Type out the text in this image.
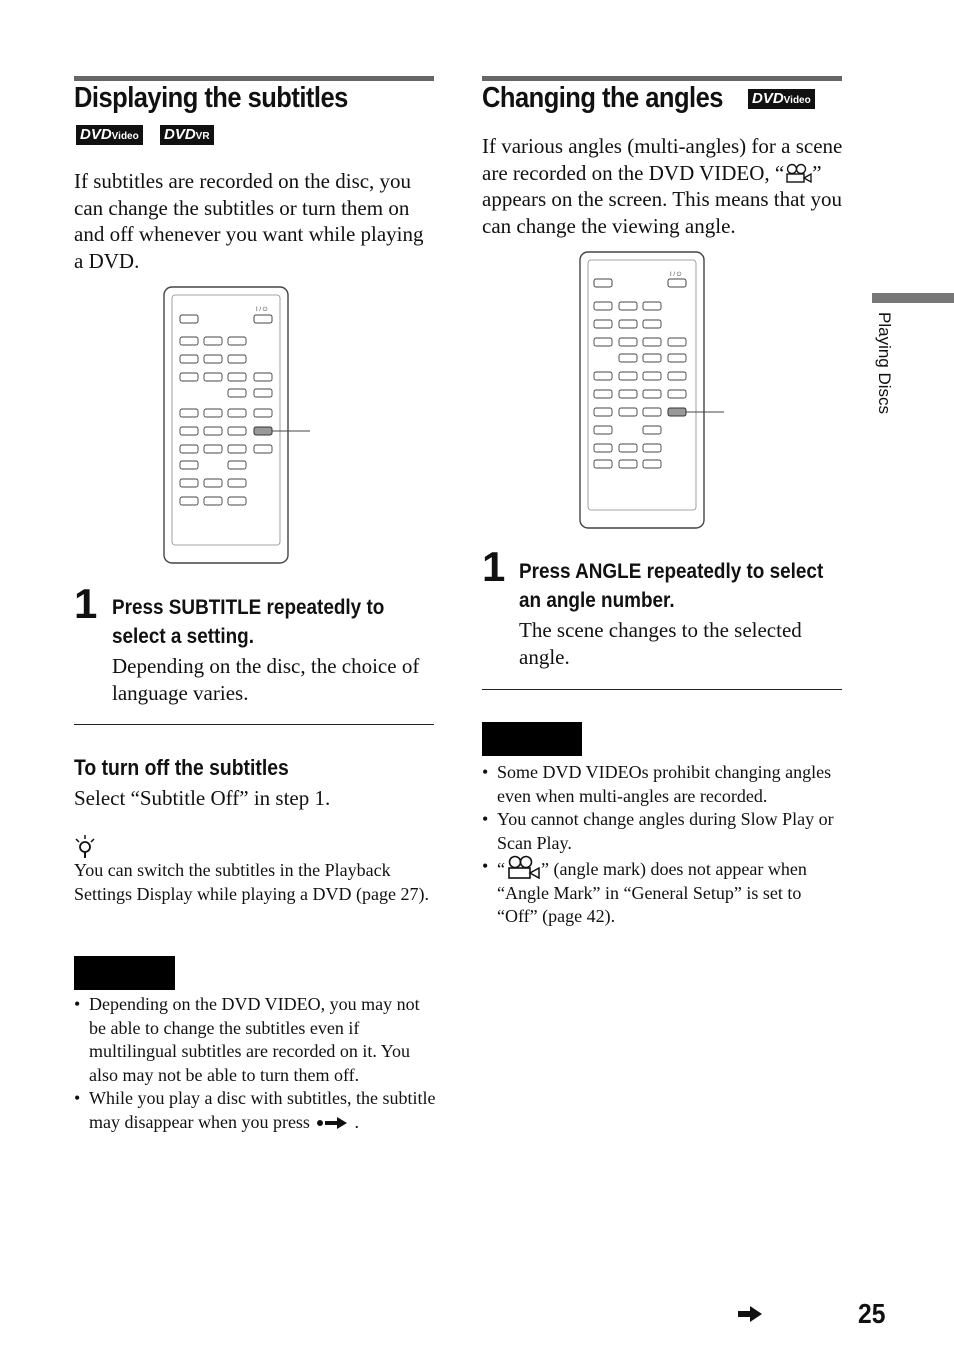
Displaying the subtitles
DVDVideo DVDVR
If subtitles are recorded on the disc, you can change the subtitles or turn them on and off whenever you want while playing a DVD.
I / ⏻
1 Press SUBTITLE repeatedly to select a setting.
Depending on the disc, the choice of language varies.
To turn off the subtitles
Select “Subtitle Off” in step 1.
You can switch the subtitles in the Playback Settings Display while playing a DVD (page 27).
• Depending on the DVD VIDEO, you may not be able to change the subtitles even if multilingual subtitles are recorded on it. You also may not be able to turn them off.
• While you play a disc with subtitles, the subtitle may disappear when you press .
Changing the angles DVDVideo
If various angles (multi-angles) for a scene are recorded on the DVD VIDEO, “ ” appears on the screen. This means that you can change the viewing angle.
I / ⏻
1 Press ANGLE repeatedly to select an angle number.
The scene changes to the selected angle.
• Some DVD VIDEOs prohibit changing angles even when multi-angles are recorded.
• You cannot change angles during Slow Play or Scan Play.
• “ ” (angle mark) does not appear when “Angle Mark” in “General Setup” is set to “Off” (page 42).
Playing Discs
25
